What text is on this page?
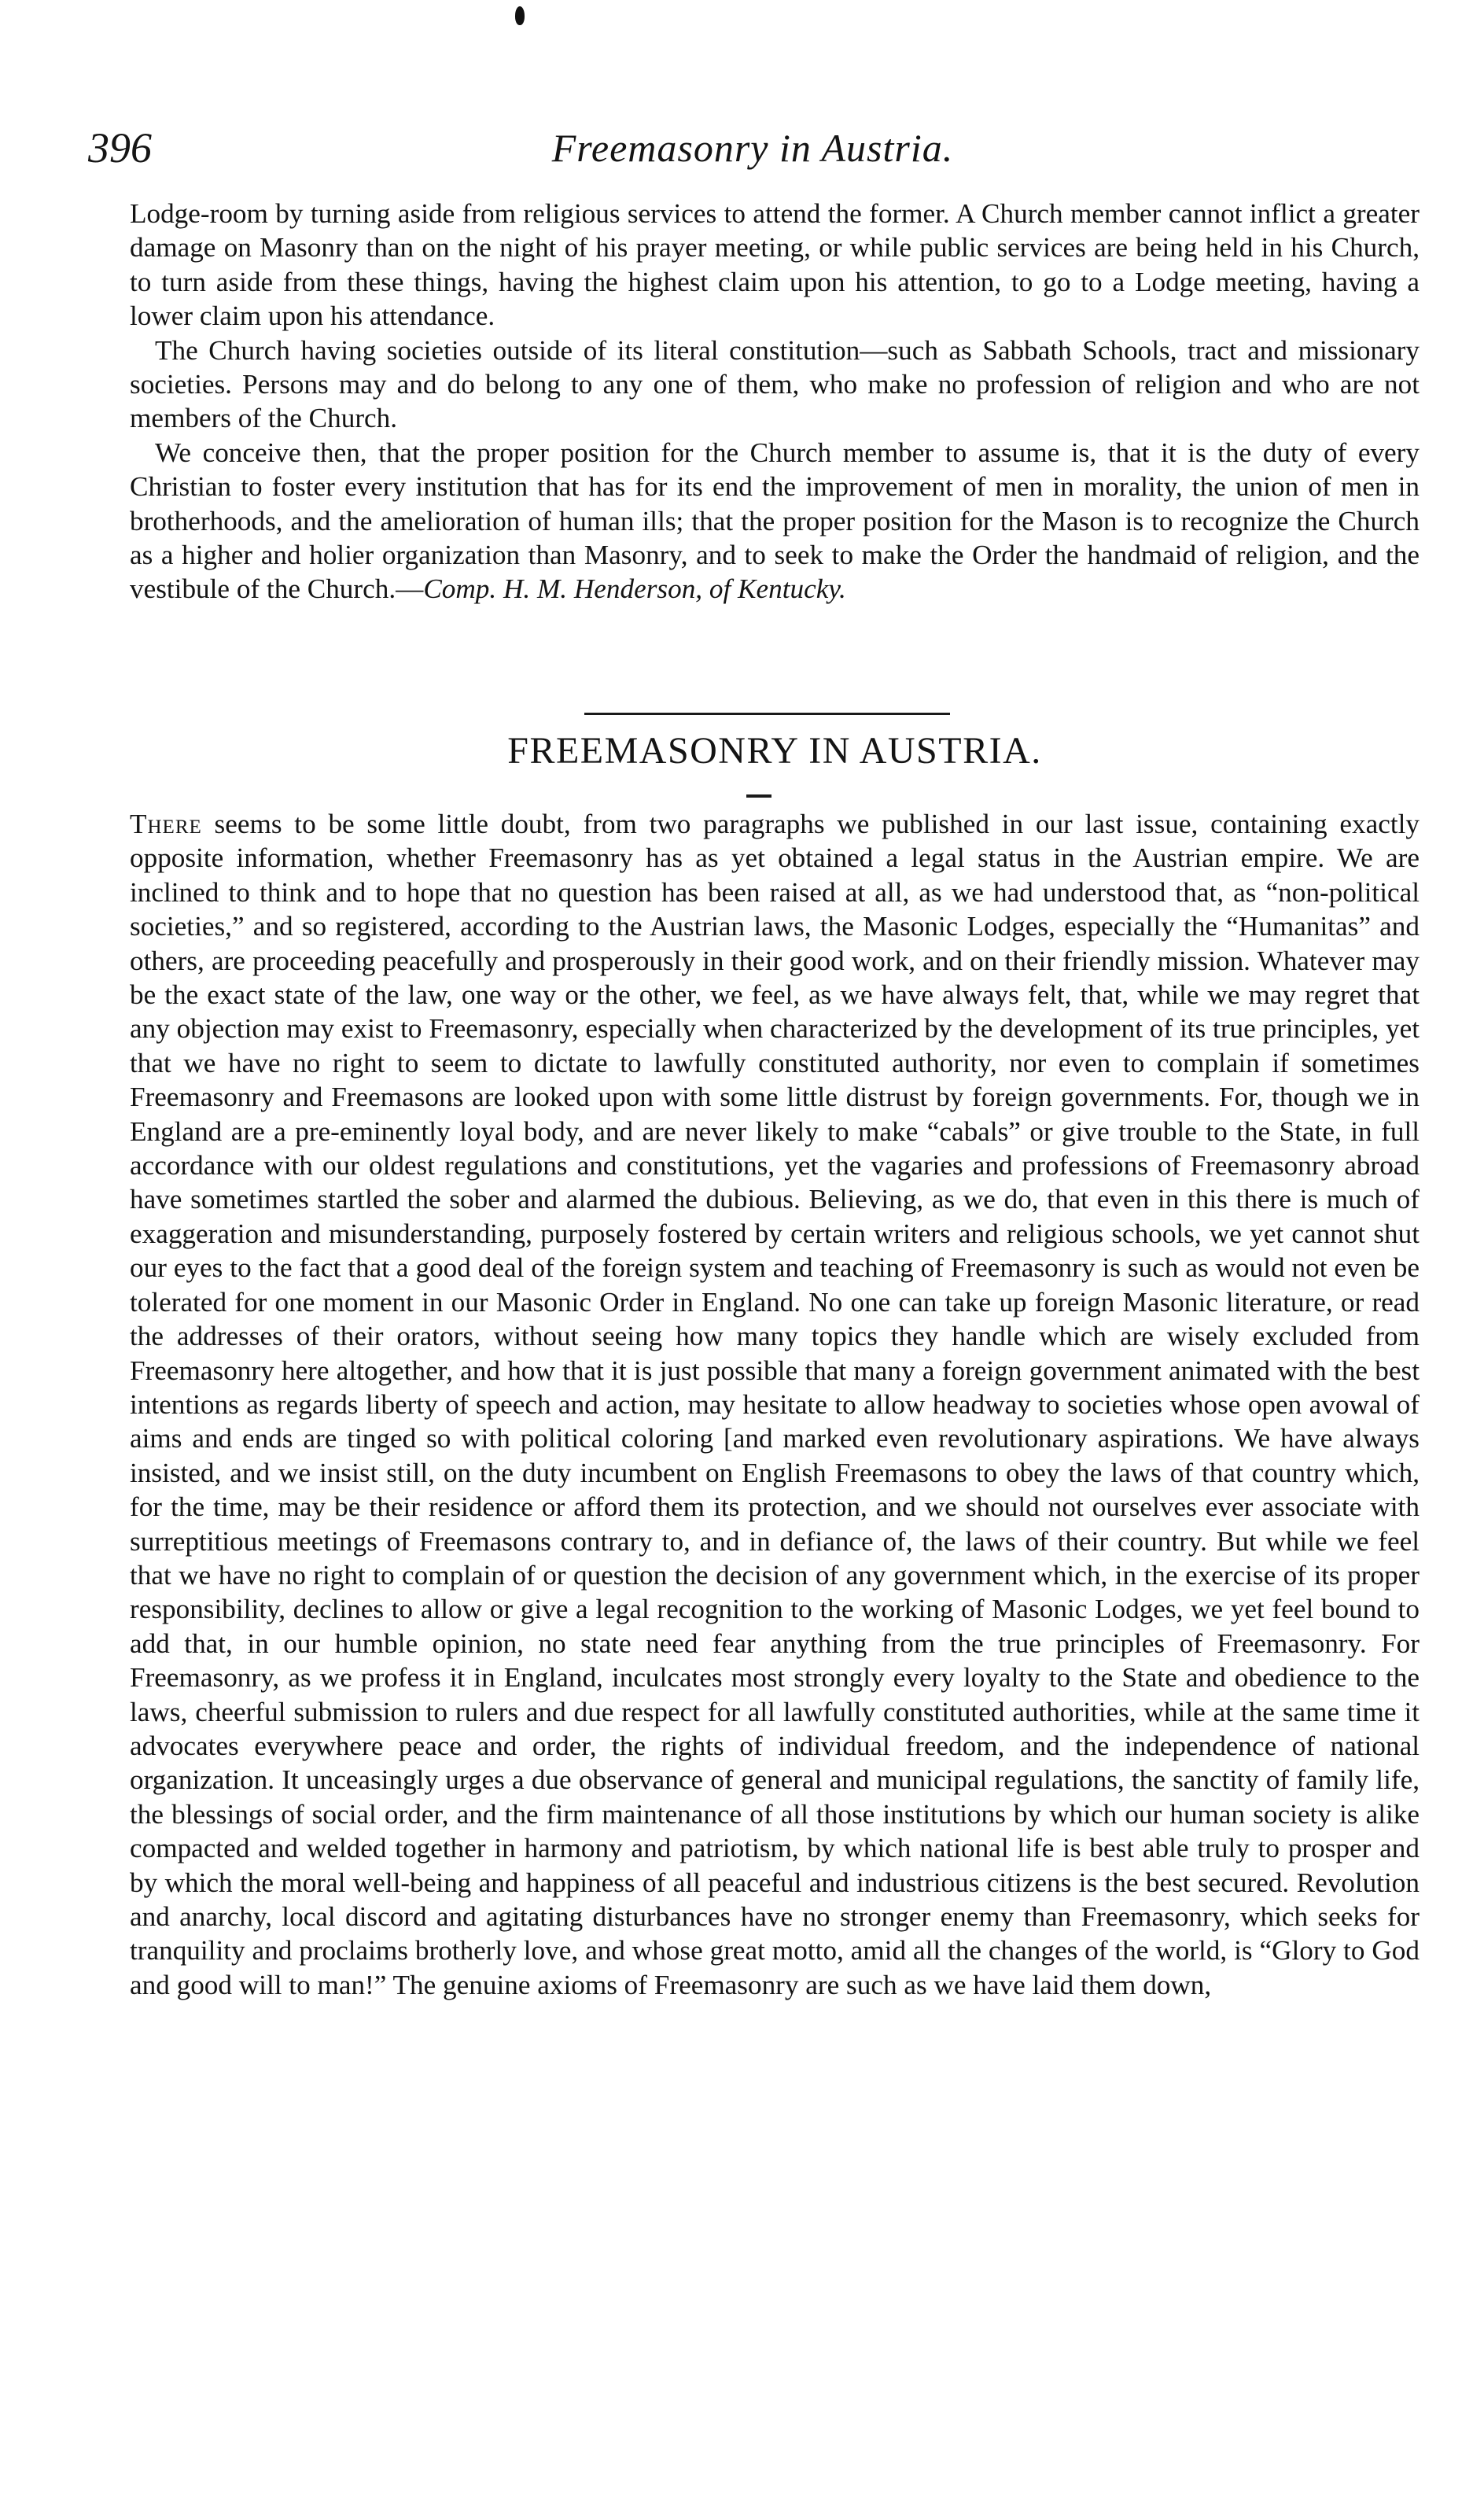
396	Freemasonry in Austria.

Lodge-room by turning aside from religious services to attend the former. A Church member cannot inflict a greater damage on Masonry than on the night of his prayer meeting, or while public services are being held in his Church, to turn aside from these things, having the highest claim upon his attention, to go to a Lodge meeting, having a lower claim upon his attendance.

The Church having societies outside of its literal constitution—such as Sabbath Schools, tract and missionary societies. Persons may and do belong to any one of them, who make no profession of religion and who are not members of the Church.

We conceive then, that the proper position for the Church member to assume is, that it is the duty of every Christian to foster every institution that has for its end the improvement of men in morality, the union of men in brotherhoods, and the amelioration of human ills; that the proper position for the Mason is to recognize the Church as a higher and holier organization than Masonry, and to seek to make the Order the handmaid of religion, and the vestibule of the Church.—Comp. H. M. Henderson, of Kentucky.

FREEMASONRY IN AUSTRIA.

There seems to be some little doubt, from two paragraphs we published in our last issue, containing exactly opposite information, whether Freemasonry has as yet obtained a legal status in the Austrian empire. We are inclined to think and to hope that no question has been raised at all, as we had understood that, as “non-political societies,” and so registered, according to the Austrian laws, the Masonic Lodges, especially the “Humanitas” and others, are proceeding peacefully and prosperously in their good work, and on their friendly mission. Whatever may be the exact state of the law, one way or the other, we feel, as we have always felt, that, while we may regret that any objection may exist to Freemasonry, especially when characterized by the development of its true principles, yet that we have no right to seem to dictate to lawfully constituted authority, nor even to complain if sometimes Freemasonry and Freemasons are looked upon with some little distrust by foreign governments. For, though we in England are a pre-eminently loyal body, and are never likely to make “cabals” or give trouble to the State, in full accordance with our oldest regulations and constitutions, yet the vagaries and professions of Freemasonry abroad have sometimes startled the sober and alarmed the dubious. Believing, as we do, that even in this there is much of exaggeration and misunderstanding, purposely fostered by certain writers and religious schools, we yet cannot shut our eyes to the fact that a good deal of the foreign system and teaching of Freemasonry is such as would not even be tolerated for one moment in our Masonic Order in England. No one can take up foreign Masonic literature, or read the addresses of their orators, without seeing how many topics they handle which are wisely excluded from Freemasonry here altogether, and how that it is just possible that many a foreign government animated with the best intentions as regards liberty of speech and action, may hesitate to allow headway to societies whose open avowal of aims and ends are tinged so with political coloring [and marked even revolutionary aspirations. We have always insisted, and we insist still, on the duty incumbent on English Freemasons to obey the laws of that country which, for the time, may be their residence or afford them its protection, and we should not ourselves ever associate with surreptitious meetings of Freemasons contrary to, and in defiance of, the laws of their country. But while we feel that we have no right to complain of or question the decision of any government which, in the exercise of its proper responsibility, declines to allow or give a legal recognition to the working of Masonic Lodges, we yet feel bound to add that, in our humble opinion, no state need fear anything from the true principles of Freemasonry. For Freemasonry, as we profess it in England, inculcates most strongly every loyalty to the State and obedience to the laws, cheerful submission to rulers and due respect for all lawfully constituted authorities, while at the same time it advocates everywhere peace and order, the rights of individual freedom, and the independence of national organization. It unceasingly urges a due observance of general and municipal regulations, the sanctity of family life, the blessings of social order, and the firm maintenance of all those institutions by which our human society is alike compacted and welded together in harmony and patriotism, by which national life is best able truly to prosper and by which the moral well-being and happiness of all peaceful and industrious citizens is the best secured. Revolution and anarchy, local discord and agitating disturbances have no stronger enemy than Freemasonry, which seeks for tranquility and proclaims brotherly love, and whose great motto, amid all the changes of the world, is “Glory to God and good will to man!” The genuine axioms of Freemasonry are such as we have laid them down,
